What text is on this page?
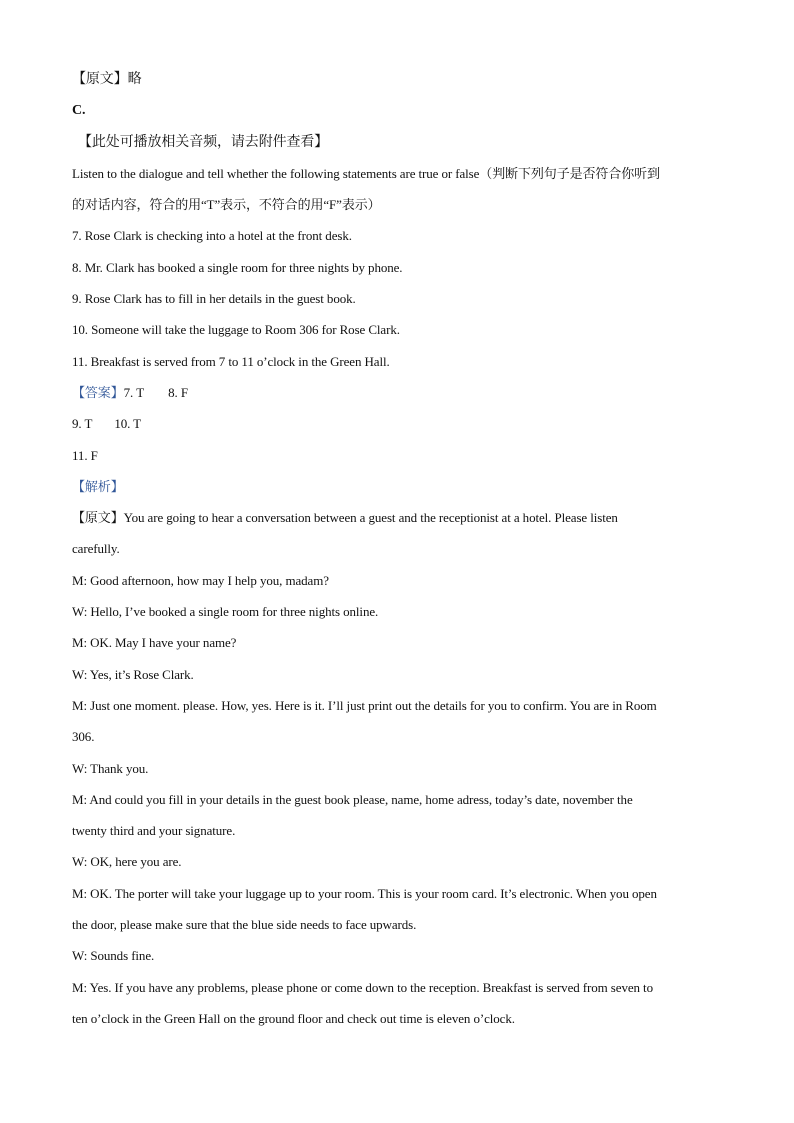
【原文】略
C.
【此处可播放相关音频，请去附件查看】
Listen to the dialogue and tell whether the following statements are true or false（判断下列句子是否符合你听到
的对话内容，符合的用“T”表示，不符合的用“F”表示）
7. Rose Clark is checking into a hotel at the front desk.
8. Mr. Clark has booked a single room for three nights by phone.
9. Rose Clark has to fill in her details in the guest book.
10. Someone will take the luggage to Room 306 for Rose Clark.
11. Breakfast is served from 7 to 11 o’clock in the Green Hall.
【答案】7. T 8. F
9. T 10. T
11. F
【解析】
【原文】You are going to hear a conversation between a guest and the receptionist at a hotel. Please listen
carefully.
M: Good afternoon, how may I help you, madam?
W: Hello, I’ve booked a single room for three nights online.
M: OK. May I have your name?
W: Yes, it’s Rose Clark.
M: Just one moment. please. How, yes. Here is it. I’ll just print out the details for you to confirm. You are in Room
306.
W: Thank you.
M: And could you fill in your details in the guest book please, name, home adress, today’s date, november the
twenty third and your signature.
W: OK, here you are.
M: OK. The porter will take your luggage up to your room. This is your room card. It’s electronic. When you open
the door, please make sure that the blue side needs to face upwards.
W: Sounds fine.
M: Yes. If you have any problems, please phone or come down to the reception. Breakfast is served from seven to
ten o’clock in the Green Hall on the ground floor and check out time is eleven o’clock.
